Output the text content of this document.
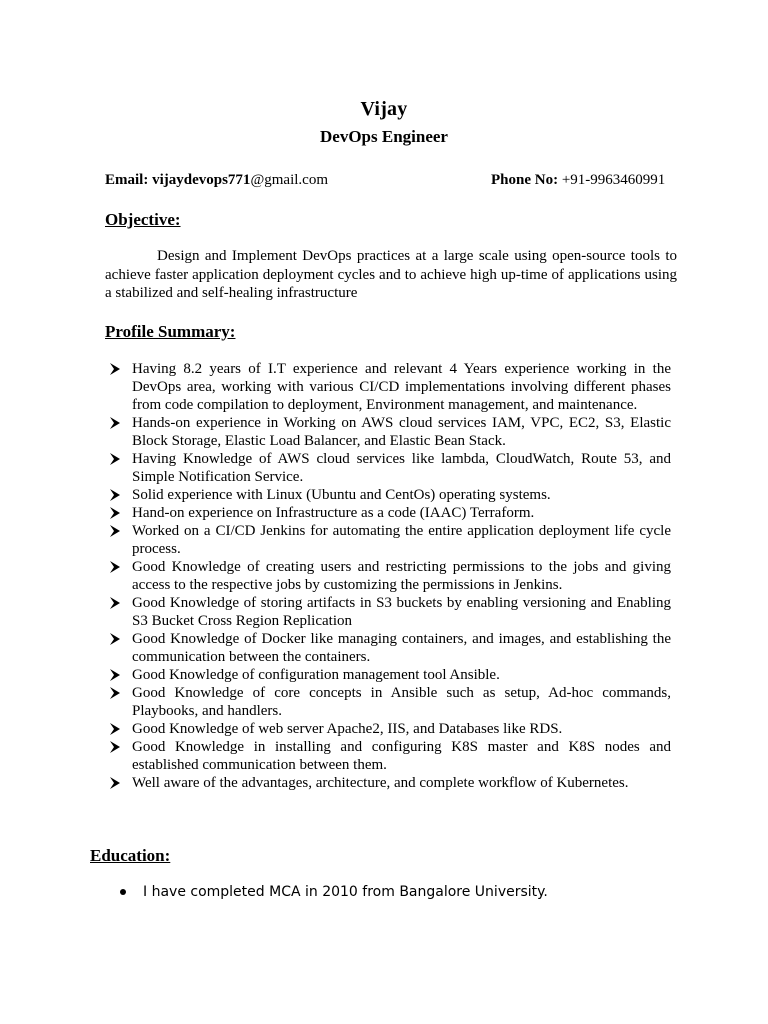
Vijay
DevOps Engineer
Email: vijaydevops771@gmail.com	Phone No: +91-9963460991
Objective:
Design and Implement DevOps practices at a large scale using open-source tools to achieve faster application deployment cycles and to achieve high up-time of applications using a stabilized and self-healing infrastructure
Profile Summary:
Having 8.2 years of I.T experience and relevant 4 Years experience working in the DevOps area, working with various CI/CD implementations involving different phases from code compilation to deployment, Environment management, and maintenance.
Hands-on experience in Working on AWS cloud services IAM, VPC, EC2, S3, Elastic Block Storage, Elastic Load Balancer, and Elastic Bean Stack.
Having Knowledge of AWS cloud services like lambda, CloudWatch, Route 53, and Simple Notification Service.
Solid experience with Linux (Ubuntu and CentOs) operating systems.
Hand-on experience on Infrastructure as a code (IAAC) Terraform.
Worked on a CI/CD Jenkins for automating the entire application deployment life cycle process.
Good Knowledge of creating users and restricting permissions to the jobs and giving access to the respective jobs by customizing the permissions in Jenkins.
Good Knowledge of storing artifacts in S3 buckets by enabling versioning and Enabling S3 Bucket Cross Region Replication
Good Knowledge of Docker like managing containers, and images, and establishing the communication between the containers.
Good Knowledge of configuration management tool Ansible.
Good Knowledge of core concepts in Ansible such as setup, Ad-hoc commands, Playbooks, and handlers.
Good Knowledge of web server Apache2, IIS, and Databases like RDS.
Good Knowledge in installing and configuring K8S master and K8S nodes and established communication between them.
Well aware of the advantages, architecture, and complete workflow of Kubernetes.
Education:
I have completed MCA in 2010 from Bangalore University.
